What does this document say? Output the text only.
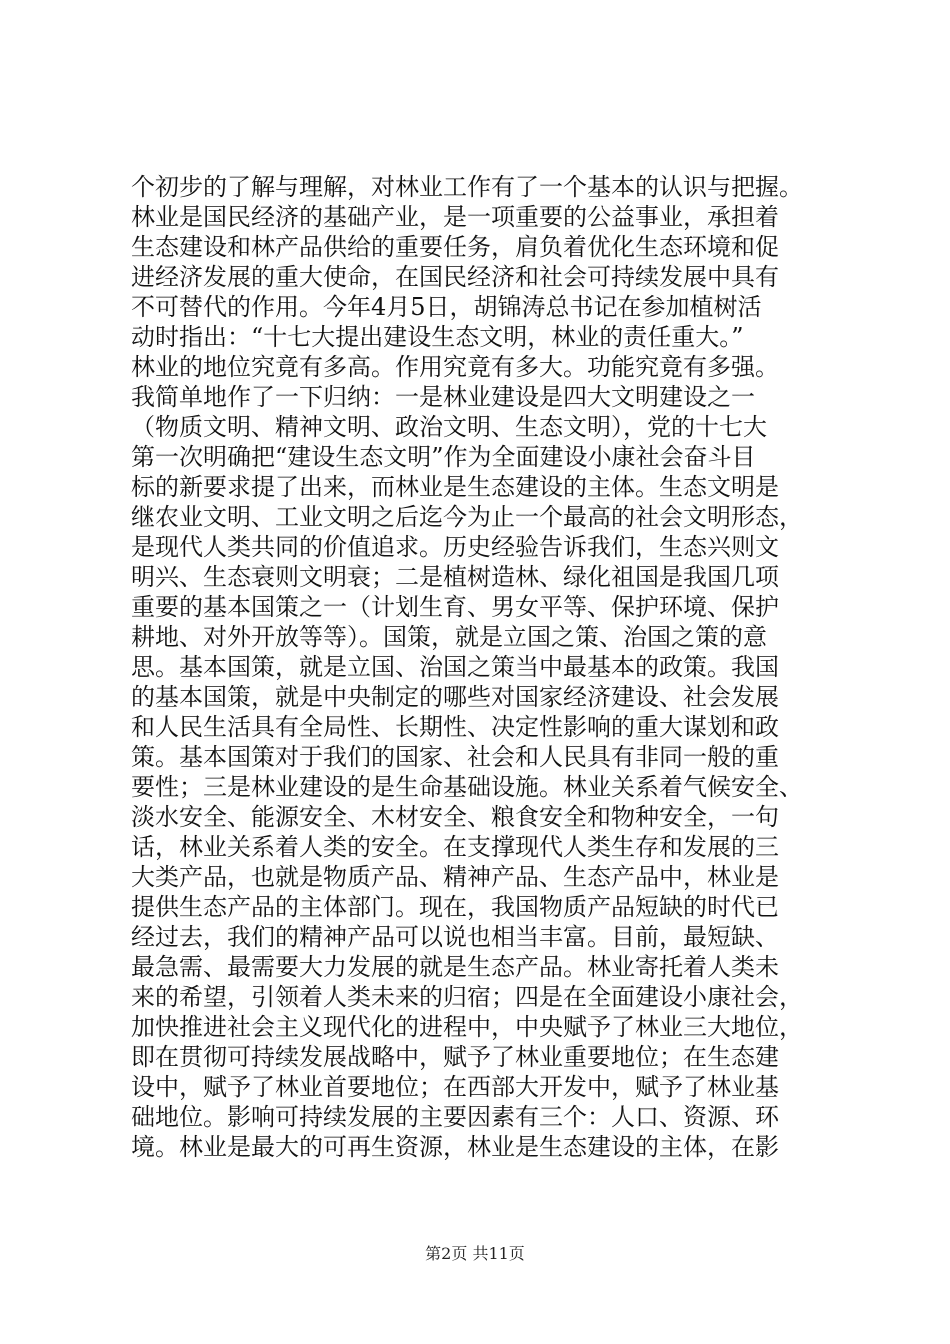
个初步的了解与理解，对林业工作有了一个基本的认识与把握。
林业是国民经济的基础产业，是一项重要的公益事业，承担着
生态建设和林产品供给的重要任务，肩负着优化生态环境和促
进经济发展的重大使命，在国民经济和社会可持续发展中具有
不可替代的作用。今年4月5日，胡锦涛总书记在参加植树活
动时指出：“十七大提出建设生态文明，林业的责任重大。”
林业的地位究竟有多高。作用究竟有多大。功能究竟有多强。
我简单地作了一下归纳：一是林业建设是四大文明建设之一
（物质文明、精神文明、政治文明、生态文明），党的十七大
第一次明确把“建设生态文明”作为全面建设小康社会奋斗目
标的新要求提了出来，而林业是生态建设的主体。生态文明是
继农业文明、工业文明之后迄今为止一个最高的社会文明形态，
是现代人类共同的价值追求。历史经验告诉我们，生态兴则文
明兴、生态衰则文明衰；二是植树造林、绿化祖国是我国几项
重要的基本国策之一（计划生育、男女平等、保护环境、保护
耕地、对外开放等等）。国策，就是立国之策、治国之策的意
思。基本国策，就是立国、治国之策当中最基本的政策。我国
的基本国策，就是中央制定的哪些对国家经济建设、社会发展
和人民生活具有全局性、长期性、决定性影响的重大谋划和政
策。基本国策对于我们的国家、社会和人民具有非同一般的重
要性；三是林业建设的是生命基础设施。林业关系着气候安全、
淡水安全、能源安全、木材安全、粮食安全和物种安全，一句
话，林业关系着人类的安全。在支撑现代人类生存和发展的三
大类产品，也就是物质产品、精神产品、生态产品中，林业是
提供生态产品的主体部门。现在，我国物质产品短缺的时代已
经过去，我们的精神产品可以说也相当丰富。目前，最短缺、
最急需、最需要大力发展的就是生态产品。林业寄托着人类未
来的希望，引领着人类未来的归宿；四是在全面建设小康社会，
加快推进社会主义现代化的进程中，中央赋予了林业三大地位，
即在贯彻可持续发展战略中，赋予了林业重要地位；在生态建
设中，赋予了林业首要地位；在西部大开发中，赋予了林业基
础地位。影响可持续发展的主要因素有三个：人口、资源、环
境。林业是最大的可再生资源，林业是生态建设的主体，在影
第2页 共11页
